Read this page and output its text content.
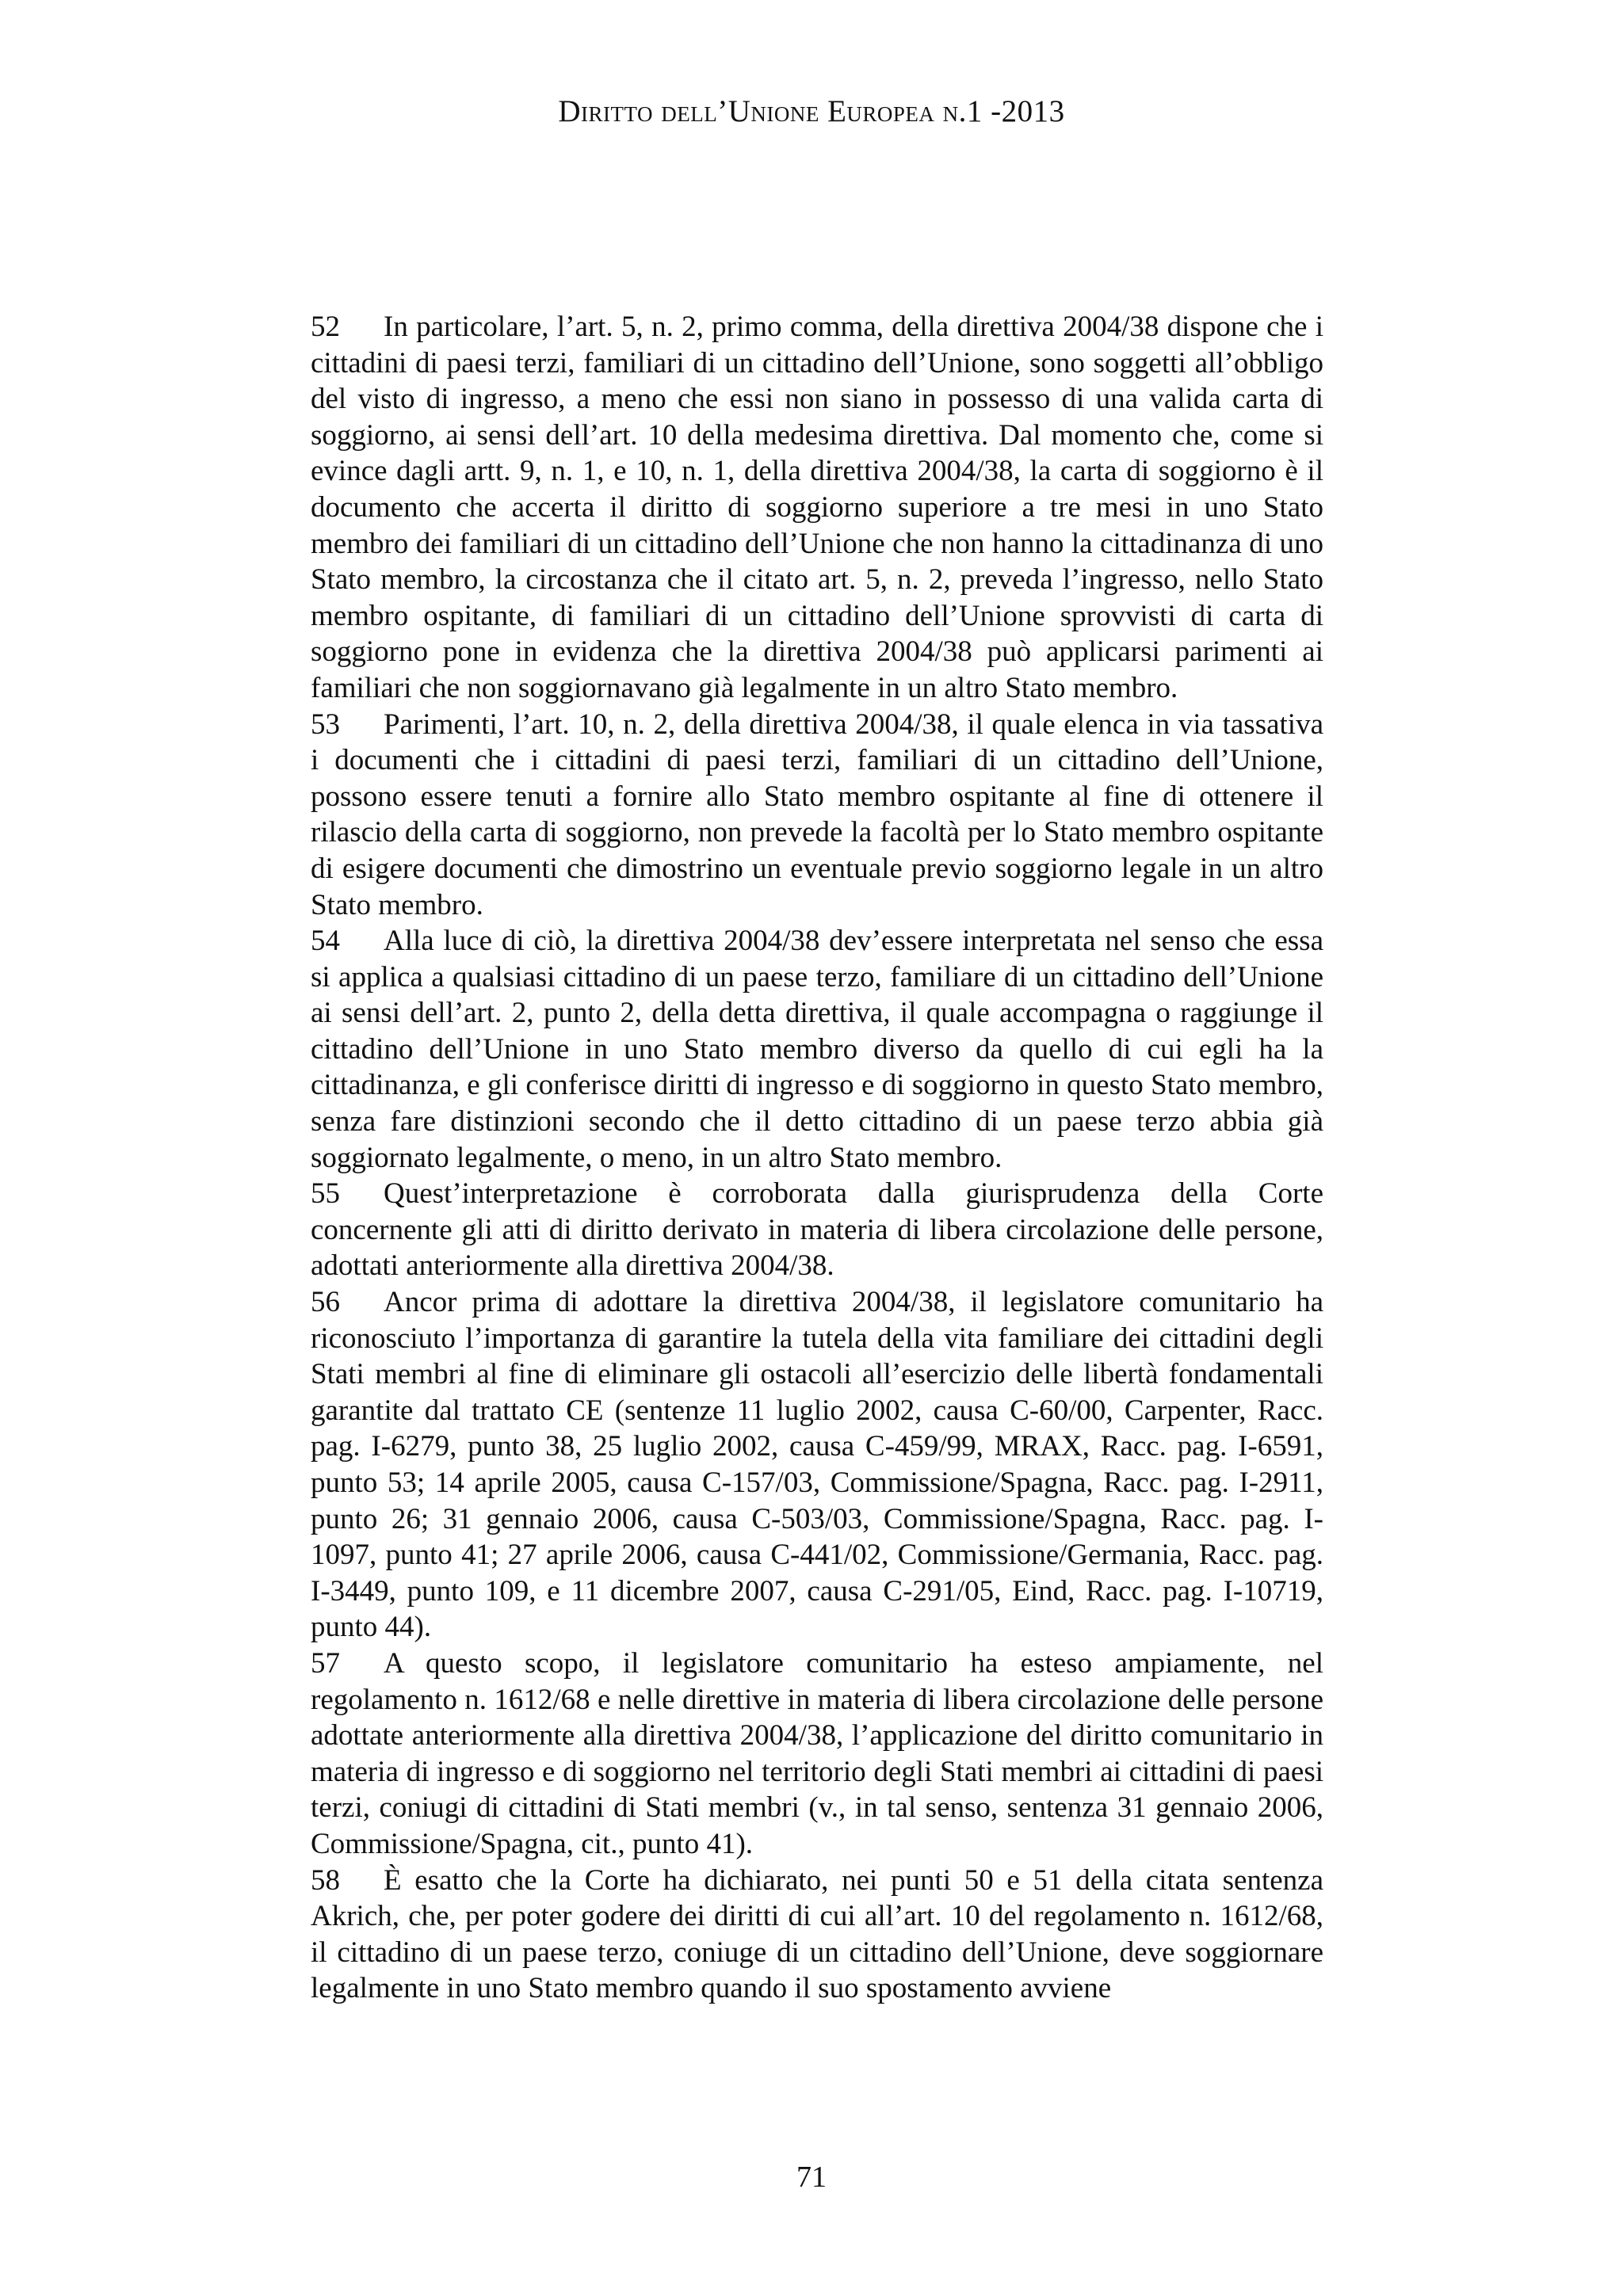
Diritto dell’Unione Europea n.1 -2013

52 In particolare, l’art. 5, n. 2, primo comma, della direttiva 2004/38 dispone che i cittadini di paesi terzi, familiari di un cittadino dell’Unione, sono soggetti all’obbligo del visto di ingresso, a meno che essi non siano in possesso di una valida carta di soggiorno, ai sensi dell’art. 10 della medesima direttiva. Dal momento che, come si evince dagli artt. 9, n. 1, e 10, n. 1, della direttiva 2004/38, la carta di soggiorno è il documento che accerta il diritto di soggiorno superiore a tre mesi in uno Stato membro dei familiari di un cittadino dell’Unione che non hanno la cittadinanza di uno Stato membro, la circostanza che il citato art. 5, n. 2, preveda l’ingresso, nello Stato membro ospitante, di familiari di un cittadino dell’Unione sprovvisti di carta di soggiorno pone in evidenza che la direttiva 2004/38 può applicarsi parimenti ai familiari che non soggiornavano già legalmente in un altro Stato membro.

53 Parimenti, l’art. 10, n. 2, della direttiva 2004/38, il quale elenca in via tassativa i documenti che i cittadini di paesi terzi, familiari di un cittadino dell’Unione, possono essere tenuti a fornire allo Stato membro ospitante al fine di ottenere il rilascio della carta di soggiorno, non prevede la facoltà per lo Stato membro ospitante di esigere documenti che dimostrino un eventuale previo soggiorno legale in un altro Stato membro.

54 Alla luce di ciò, la direttiva 2004/38 dev’essere interpretata nel senso che essa si applica a qualsiasi cittadino di un paese terzo, familiare di un cittadino dell’Unione ai sensi dell’art. 2, punto 2, della detta direttiva, il quale accompagna o raggiunge il cittadino dell’Unione in uno Stato membro diverso da quello di cui egli ha la cittadinanza, e gli conferisce diritti di ingresso e di soggiorno in questo Stato membro, senza fare distinzioni secondo che il detto cittadino di un paese terzo abbia già soggiornato legalmente, o meno, in un altro Stato membro.

55 Quest’interpretazione è corroborata dalla giurisprudenza della Corte concernente gli atti di diritto derivato in materia di libera circolazione delle persone, adottati anteriormente alla direttiva 2004/38.

56 Ancor prima di adottare la direttiva 2004/38, il legislatore comunitario ha riconosciuto l’importanza di garantire la tutela della vita familiare dei cittadini degli Stati membri al fine di eliminare gli ostacoli all’esercizio delle libertà fondamentali garantite dal trattato CE (sentenze 11 luglio 2002, causa C-60/00, Carpenter, Racc. pag. I-6279, punto 38, 25 luglio 2002, causa C-459/99, MRAX, Racc. pag. I-6591, punto 53; 14 aprile 2005, causa C-157/03, Commissione/Spagna, Racc. pag. I-2911, punto 26; 31 gennaio 2006, causa C-503/03, Commissione/Spagna, Racc. pag. I-1097, punto 41; 27 aprile 2006, causa C-441/02, Commissione/Germania, Racc. pag. I-3449, punto 109, e 11 dicembre 2007, causa C-291/05, Eind, Racc. pag. I-10719, punto 44).

57 A questo scopo, il legislatore comunitario ha esteso ampiamente, nel regolamento n. 1612/68 e nelle direttive in materia di libera circolazione delle persone adottate anteriormente alla direttiva 2004/38, l’applicazione del diritto comunitario in materia di ingresso e di soggiorno nel territorio degli Stati membri ai cittadini di paesi terzi, coniugi di cittadini di Stati membri (v., in tal senso, sentenza 31 gennaio 2006, Commissione/Spagna, cit., punto 41).

58 È esatto che la Corte ha dichiarato, nei punti 50 e 51 della citata sentenza Akrich, che, per poter godere dei diritti di cui all’art. 10 del regolamento n. 1612/68, il cittadino di un paese terzo, coniuge di un cittadino dell’Unione, deve soggiornare legalmente in uno Stato membro quando il suo spostamento avviene

71
